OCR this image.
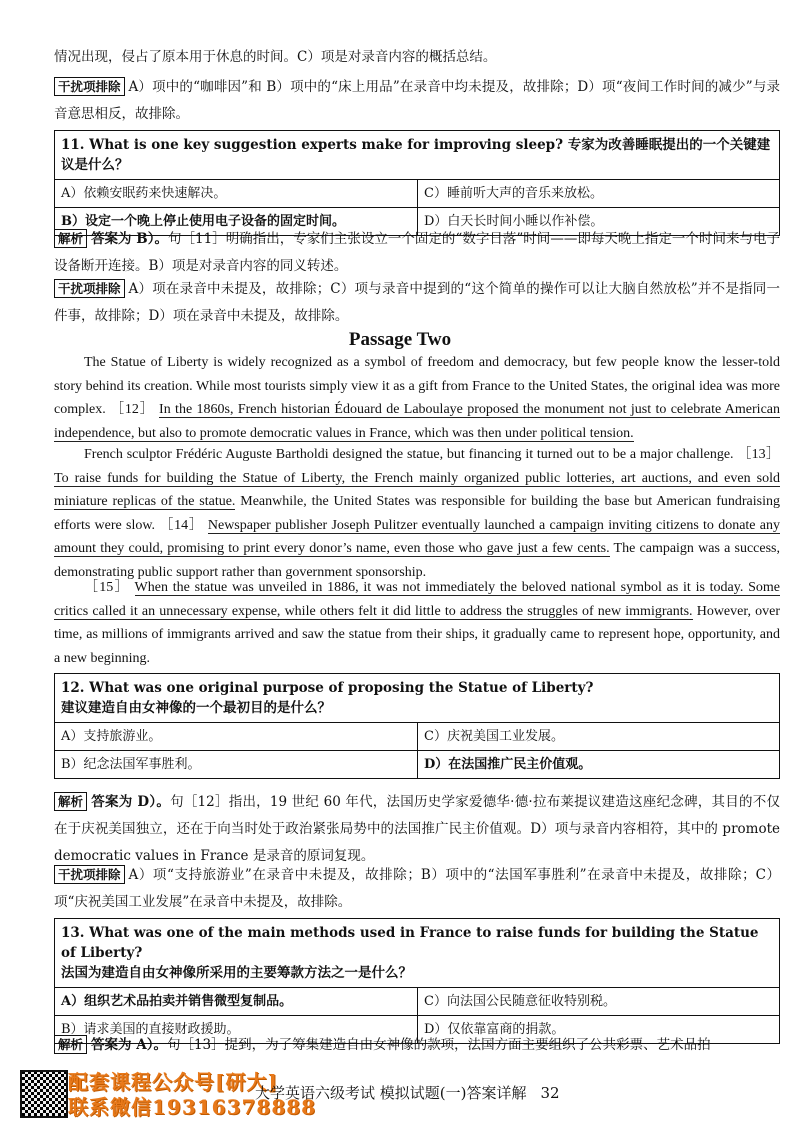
情况出现，侵占了原本用于休息的时间。C）项是对录音内容的概括总结。

干扰项排除 A）项中的“咖啡因”和 B）项中的“床上用品”在录音中均未提及，故排除；D）项“夜间工作时间的减少”与录音意思相反，故排除。

11. What is one key suggestion experts make for improving sleep? 专家为改善睡眠提出的一个关键建议是什么？
A）依赖安眠药来快速解决。	C）睡前听大声的音乐来放松。
B）设定一个晚上停止使用电子设备的固定时间。	D）白天长时间小睡以作补偿。

解析 答案为 B）。句［11］明确指出，专家们主张设立一个固定的“数字日落”时间——即每天晚上指定一个时间来与电子设备断开连接。B）项是对录音内容的同义转述。

干扰项排除 A）项在录音中未提及，故排除；C）项与录音中提到的“这个简单的操作可以让大脑自然放松”并不是指同一件事，故排除；D）项在录音中未提及，故排除。

Passage Two

The Statue of Liberty is widely recognized as a symbol of freedom and democracy, but few people know the lesser-told story behind its creation. While most tourists simply view it as a gift from France to the United States, the original idea was more complex. ［12］ In the 1860s, French historian Édouard de Laboulaye proposed the monument not just to celebrate American independence, but also to promote democratic values in France, which was then under political tension.

French sculptor Frédéric Auguste Bartholdi designed the statue, but financing it turned out to be a major challenge. ［13］ To raise funds for building the Statue of Liberty, the French mainly organized public lotteries, art auctions, and even sold miniature replicas of the statue. Meanwhile, the United States was responsible for building the base but American fundraising efforts were slow. ［14］ Newspaper publisher Joseph Pulitzer eventually launched a campaign inviting citizens to donate any amount they could, promising to print every donor’s name, even those who gave just a few cents. The campaign was a success, demonstrating public support rather than government sponsorship.

［15］ When the statue was unveiled in 1886, it was not immediately the beloved national symbol as it is today. Some critics called it an unnecessary expense, while others felt it did little to address the struggles of new immigrants. However, over time, as millions of immigrants arrived and saw the statue from their ships, it gradually came to represent hope, opportunity, and a new beginning.

12. What was one original purpose of proposing the Statue of Liberty?
建议建造自由女神像的一个最初目的是什么？
A）支持旅游业。	C）庆祝美国工业发展。
B）纪念法国军事胜利。	D）在法国推广民主价值观。

解析 答案为 D）。句［12］指出，19 世纪 60 年代，法国历史学家爱德华·德·拉布莱提议建造这座纪念碑，其目的不仅在于庆祝美国独立，还在于向当时处于政治紧张局势中的法国推广民主价值观。D）项与录音内容相符，其中的 promote democratic values in France 是录音的原词复现。

干扰项排除 A）项“支持旅游业”在录音中未提及，故排除；B）项中的“法国军事胜利”在录音中未提及，故排除；C）项“庆祝美国工业发展”在录音中未提及，故排除。

13. What was one of the main methods used in France to raise funds for building the Statue of Liberty?
法国为建造自由女神像所采用的主要筹款方法之一是什么？
A）组织艺术品拍卖并销售微型复制品。	C）向法国公民随意征收特别税。
B）请求美国的直接财政援助。	D）仅依靠富商的捐款。

解析 答案为 A）。句［13］提到，为了筹集建造自由女神像的款项，法国方面主要组织了公共彩票、艺术品拍

配套课程公众号[研大]
联系微信19316378888
大学英语六级考试 模拟试题(一)答案详解 32
